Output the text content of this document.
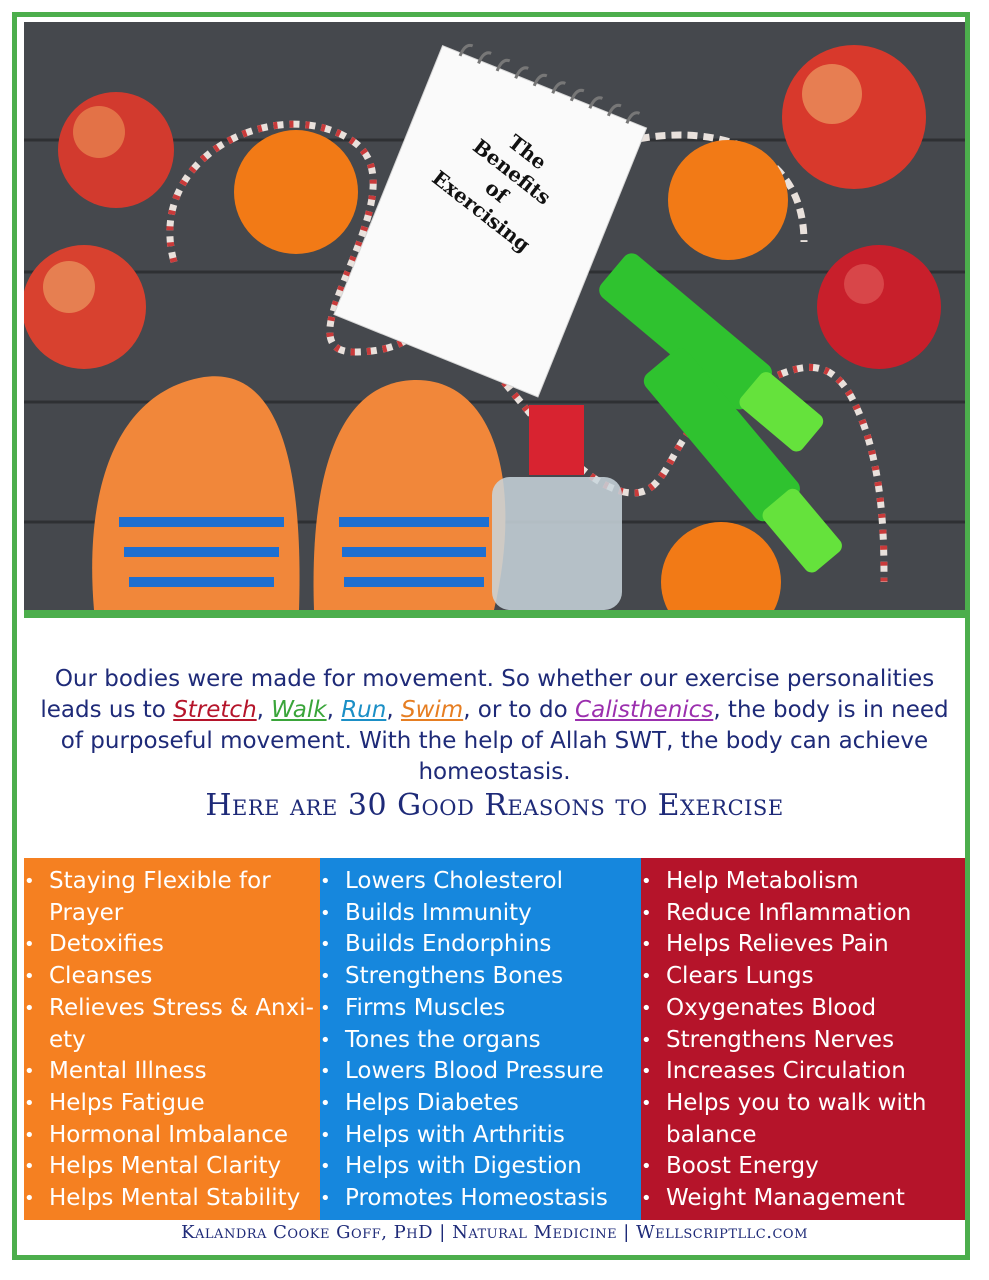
The
Benefits
of
Exercising
Our bodies were made for movement. So whether our exercise personalities leads us to Stretch, Walk, Run, Swim, or to do Calisthenics, the body is in need of purposeful movement. With the help of Allah SWT, the body can achieve homeostasis.
Here are 30 Good Reasons to Exercise
• Staying Flexible for Prayer
• Detoxifies
• Cleanses
• Relieves Stress & Anxi-ety
• Mental Illness
• Helps Fatigue
• Hormonal Imbalance
• Helps Mental Clarity
• Helps Mental Stability
• Lowers Cholesterol
• Builds Immunity
• Builds Endorphins
• Strengthens Bones
• Firms Muscles
• Tones the organs
• Lowers Blood Pressure
• Helps Diabetes
• Helps with Arthritis
• Helps with Digestion
• Promotes Homeostasis
• Help Metabolism
• Reduce Inflammation
• Helps Relieves Pain
• Clears Lungs
• Oxygenates Blood
• Strengthens Nerves
• Increases Circulation
• Helps you to walk with balance
• Boost Energy
• Weight Management
Kalandra Cooke Goff, PhD | Natural Medicine | Wellscriptllc.com
